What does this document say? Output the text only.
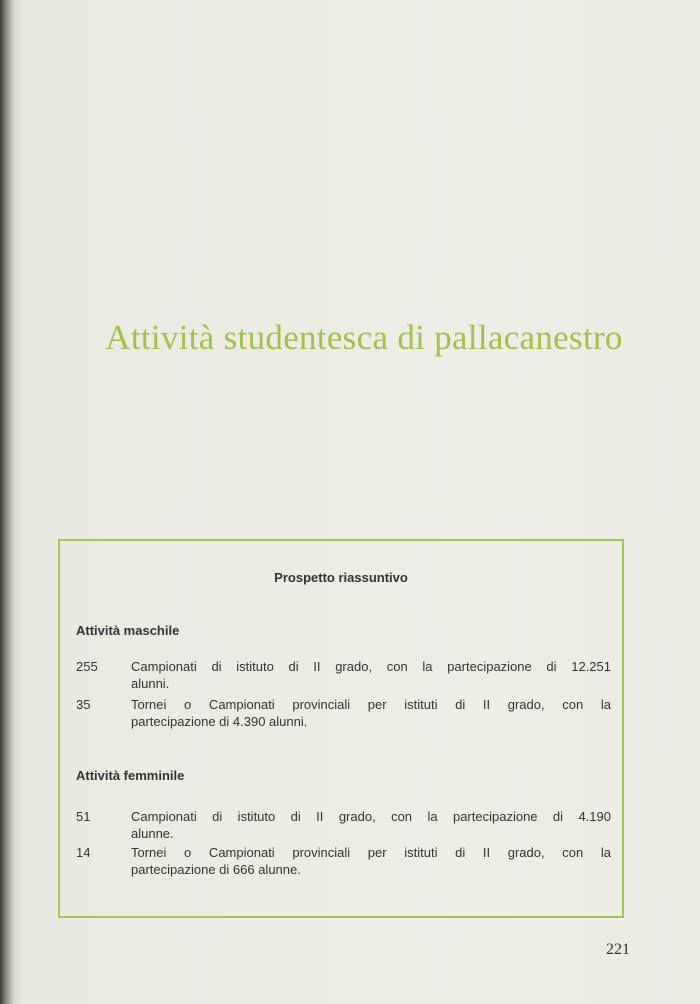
Attività studentesca di pallacanestro
Prospetto riassuntivo
Attività maschile
255	Campionati di istituto di II grado, con la partecipazione di 12.251
alunni.
35	Tornei o Campionati provinciali per istituti di II grado, con la
partecipazione di 4.390 alunni.
Attività femminile
51	Campionati di istituto di II grado, con la partecipazione di 4.190
alunne.
14	Tornei o Campionati provinciali per istituti di II grado, con la
partecipazione di 666 alunne.
221
